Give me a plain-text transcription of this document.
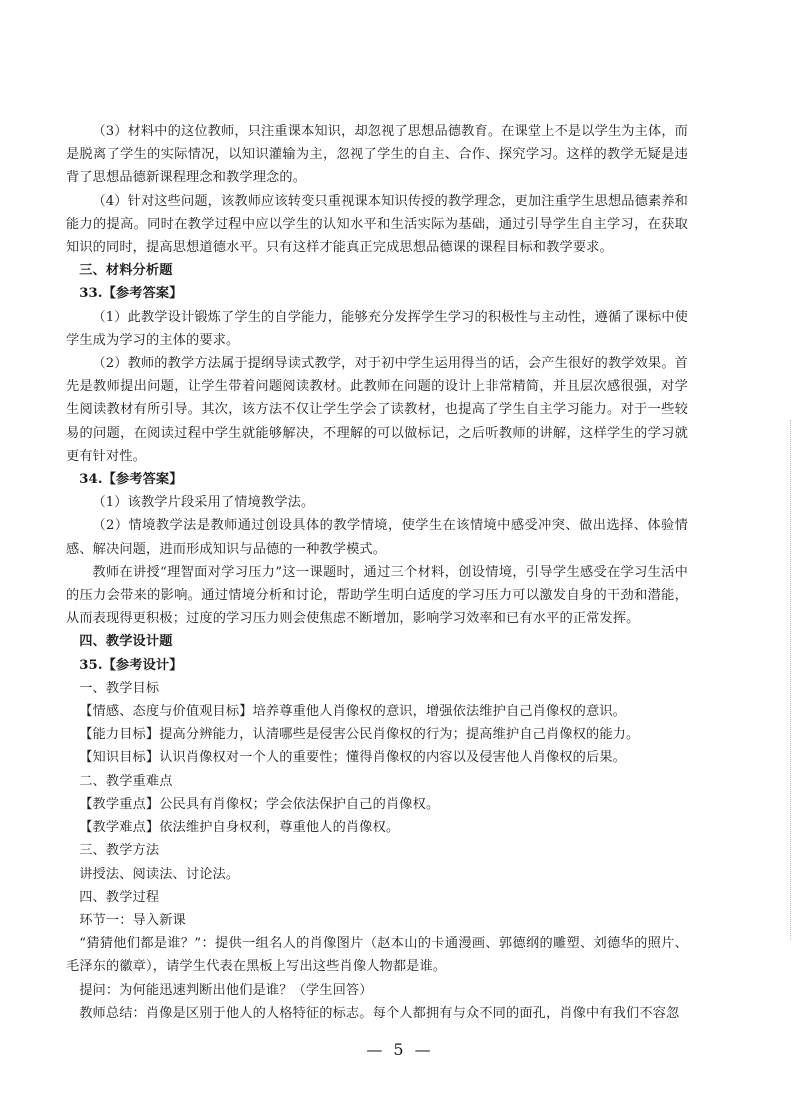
（3）材料中的这位教师，只注重课本知识，却忽视了思想品德教育。在课堂上不是以学生为主体，而是脱离了学生的实际情况，以知识灌输为主，忽视了学生的自主、合作、探究学习。这样的教学无疑是违背了思想品德新课程理念和教学理念的。

（4）针对这些问题，该教师应该转变只重视课本知识传授的教学理念，更加注重学生思想品德素养和能力的提高。同时在教学过程中应以学生的认知水平和生活实际为基础，通过引导学生自主学习，在获取知识的同时，提高思想道德水平。只有这样才能真正完成思想品德课的课程目标和教学要求。

三、材料分析题

33.【参考答案】

（1）此教学设计锻炼了学生的自学能力，能够充分发挥学生学习的积极性与主动性，遵循了课标中使学生成为学习的主体的要求。

（2）教师的教学方法属于提纲导读式教学，对于初中学生运用得当的话，会产生很好的教学效果。首先是教师提出问题，让学生带着问题阅读教材。此教师在问题的设计上非常精简，并且层次感很强，对学生阅读教材有所引导。其次，该方法不仅让学生学会了读教材，也提高了学生自主学习能力。对于一些较易的问题，在阅读过程中学生就能够解决，不理解的可以做标记，之后听教师的讲解，这样学生的学习就更有针对性。

34.【参考答案】

（1）该教学片段采用了情境教学法。

（2）情境教学法是教师通过创设具体的教学情境，使学生在该情境中感受冲突、做出选择、体验情感、解决问题，进而形成知识与品德的一种教学模式。

教师在讲授“理智面对学习压力”这一课题时，通过三个材料，创设情境，引导学生感受在学习生活中的压力会带来的影响。通过情境分析和讨论，帮助学生明白适度的学习压力可以激发自身的干劲和潜能，从而表现得更积极；过度的学习压力则会使焦虑不断增加，影响学习效率和已有水平的正常发挥。

四、教学设计题

35.【参考设计】

一、教学目标

【情感、态度与价值观目标】培养尊重他人肖像权的意识，增强依法维护自己肖像权的意识。

【能力目标】提高分辨能力，认清哪些是侵害公民肖像权的行为；提高维护自己肖像权的能力。

【知识目标】认识肖像权对一个人的重要性；懂得肖像权的内容以及侵害他人肖像权的后果。

二、教学重难点

【教学重点】公民具有肖像权；学会依法保护自己的肖像权。

【教学难点】依法维护自身权利，尊重他人的肖像权。

三、教学方法

讲授法、阅读法、讨论法。

四、教学过程

环节一：导入新课

“猜猜他们都是谁？”：提供一组名人的肖像图片（赵本山的卡通漫画、郭德纲的雕塑、刘德华的照片、毛泽东的徽章），请学生代表在黑板上写出这些肖像人物都是谁。

提问：为何能迅速判断出他们是谁？（学生回答）

教师总结：肖像是区别于他人的人格特征的标志。每个人都拥有与众不同的面孔，肖像中有我们不容忽

— 5 —
